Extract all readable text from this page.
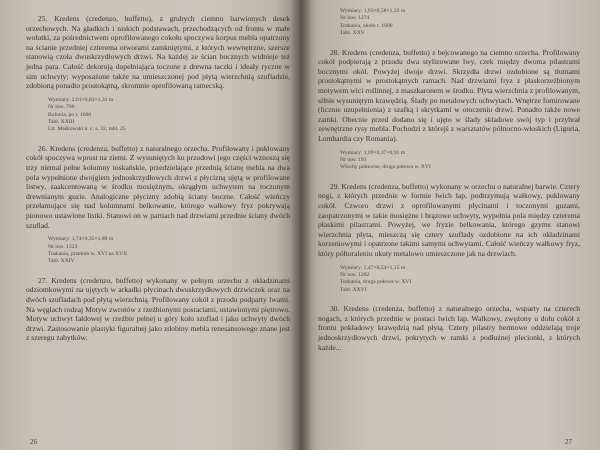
25. Kredens (credenzo, buffetto), z grubych ciemno barwionych desek orzechowych. Na gładkich i niskich podstawach, przechodzących od frontu w małe wolutki, za pośrednictwem oprofilowanego cokołu spoczywa korpus mebla opatrzony na ścianie przedniej czterema otworami zamkniętymi, z których wewnętrzne, szersze stanowią czoła dwuskrzydłowych drzwi. Na każdej ze ścian bocznych widnieje też jedna para. Całość dekorują dopełniająca toczone z drewna taczki i ideały ryczne w sim uchwyty; wyposażone także na umieszczonej pod płytą wierzchnią szufladzie, zdobioną ponadto prostokątną, skromnie oprofilowaną ramecską.

Wymiary: 2,01×0,83×1,31 m
Nr inw. 796
Bolonia, po r. 1600
Tabl. XXIII
Lit. Maśkowski n. c. s. 32, tabl. 25

26. Kredens (credenza, buffetto) z naturalnego orzecha. Profilowany i puklowany cokół spoczywa wprost na ziemi. Z wysuniętych ku przodowi jego części wznoszą się trzy niemal pełne kolumny toskańskie, przedzielające przednią ścianę mebla na dwa pola wypełnione dwojgiem jednoskrzydłowych drzwi z płycizną ujętą w profilowane listwy, zaakcentowaną w środku mosiężnym, okrągłym uchwytem na toczonym drewnianym guzie. Analogiczne płycizny zdobią ściany boczne. Całość wieńczy przełamujące się nad kolumnami belkowanie, którego wałkowy fryz pokrywają pionowo ustawione listki. Stanowi on w partiach nad drzwiami przednie ściany dwóch szuflad.

Wymiary: 1,74×0,35×1,89 m
Nr inw. 1323
Toskania, przełom w. XVI na XVII
Tabl. XXIV

27. Kredens (credenzo, buffetto) wykonany w pełnym orzechu z okładzinami odziomkowymi na ujętych w arkadki płycinach dwuskrzydłowych drzwiczek oraz na dwóch szufladach pod płytą wierzchnią. Profilowany cokół z przodu podparty lwami. Na węgłach rodzaj Motyw zwrotów z rzeźbionymi postaciami, ustawionymi piętrowo. Motyw uchwyt fałdowej w rzeźbie pełnej u góry koło szuflad i jako uchwyty dwóch drzwi. Zastosowanie plastyki figuralnej jako zdobiny mebla renesansowego znane jest z szeregu zabytków.

26
Wymiary: 1,93×0,58×1,23 m
Nr inw. 1274
Toskania, około r. 1600
Tabl. XXV

28. Kredens (credenza, buffetto) z bejcowanego na ciemno orzecha. Profilowany cokół podpierają z przodu dwa stylizowane lwy, czek między dwoma pilastrami bocznymi okół. Powyżej dwoje drzwi. Skrzydła drzwi ozdobione są tłumami prostokątnymi w prostokątnych ramach. Nad drzwiami fryz z płaskorzeźbionym motywem wici roślinnej, z maszkaronem w środku. Płyta wierzchnia z profilowanym, silnie wysuniętym krawędzią. Ślady po metalowych uchwytach. Wnętrze fornirowane (licznie uzupełnienia) z szafką i skrytkami w otoczeniu drzwi. Ponadto także nowe zamki. Obecnie przed dodano się i ujęto w ślady składowe swój typ i przybrał zewnętrzne rysy mebla. Pochodzi z którejś z warsztatów północno-włoskich (Liguria, Lombardia czy Romania).

Wymiary: 1,09×0,37×0,91 m
Nr inw. 193
Włochy północne, druga połowa w. XVI

29. Kredens (credenza, buffetto) wykonany w orzechu o naturalnej barwie. Cztery nogi, z których przednie w formie lwich łap, podtrzymują wałkowy, puklowany cokół. Czworo drzwi z oprofilowanymi płycinami i toczonymi guzami, zaopatrzonymi w takie mosiężne i brązowe uchwyty, wypełnia pola między czterema płaskimi pilastrami. Powyżej, we fryzie belkowania, którego gzyms stanowi wierzchnia płyta, mieszczą się cztery szuflady ozdobione na ich okładzinami korzeniowymi i opatrzone takimi samymi uchwytami. Całość wieńczy wałkowy fryz, który półtoraleniu ukuty metalowo umieszczone jak na drzwiach.

Wymiary: 2,47×0,54×1,15 m
Nr inw. 1282
Toskania, druga połowa w. XVI
Tabl. XXVI

30. Kredens (credenza, buffetto) z naturalnego orzecha, wsparty na czterech nogach, z których przednie w postaci lwich łap. Wałkowy, zwężony u dołu cokół z frontu pokładowy krawędzią nad płytą. Cztery pilastry hermowe oddzielają troje jednoskrzydłowych drzwi, pokrytych w ramki z podłużnej plecionki, z których każde...

27
